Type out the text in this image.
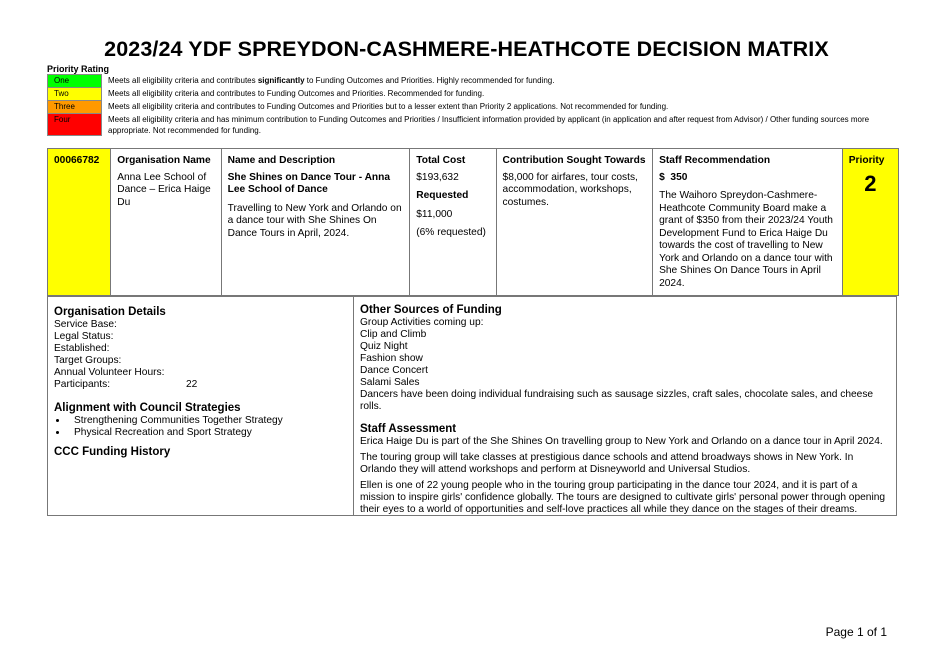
2023/24 YDF SPREYDON-CASHMERE-HEATHCOTE DECISION MATRIX
Priority Rating
One	Meets all eligibility criteria and contributes significantly to Funding Outcomes and Priorities. Highly recommended for funding.
Two	Meets all eligibility criteria and contributes to Funding Outcomes and Priorities. Recommended for funding.
Three	Meets all eligibility criteria and contributes to Funding Outcomes and Priorities but to a lesser extent than Priority 2 applications. Not recommended for funding.
Four	Meets all eligibility criteria and has minimum contribution to Funding Outcomes and Priorities / Insufficient information provided by applicant (in application and after request from Advisor) / Other funding sources more appropriate. Not recommended for funding.
00066782	Organisation Name
Anna Lee School of Dance – Erica Haige Du

Name and Description
She Shines on Dance Tour - Anna Lee School of Dance
Travelling to New York and Orlando on a dance tour with She Shines On Dance Tours in April, 2024.

Total Cost
$193,632
Requested
$11,000
(6% requested)

Contribution Sought Towards
$8,000 for airfares, tour costs, accommodation, workshops, costumes.

Staff Recommendation
$  350
The Waihoro Spreydon-Cashmere-Heathcote Community Board make a grant of $350 from their 2023/24 Youth Development Fund to Erica Haige Du towards the cost of travelling to New York and Orlando on a dance tour with She Shines On Dance Tours in April 2024.

Priority
2
Organisation Details
Service Base:
Legal Status:
Established:
Target Groups:
Annual Volunteer Hours:
Participants:	22
Alignment with Council Strategies
• Strengthening Communities Together Strategy
• Physical Recreation and Sport Strategy
CCC Funding History
Other Sources of Funding
Group Activities coming up:
Clip and Climb
Quiz Night
Fashion show
Dance Concert
Salami Sales
Dancers have been doing individual fundraising such as sausage sizzles, craft sales, chocolate sales, and cheese rolls.
Staff Assessment

Erica Haige Du is part of the She Shines On travelling group to New York and Orlando on a dance tour in April 2024.

The touring group will take classes at prestigious dance schools and attend broadways shows in New York. In Orlando they will attend workshops and perform at Disneyworld and Universal Studios.

Ellen is one of 22 young people who in the touring group participating in the dance tour 2024, and it is part of a mission to inspire girls' confidence globally. The tours are designed to cultivate girls' personal power through opening their eyes to a world of opportunities and self-love practices all while they dance on the stages of their dreams.

Page 1 of 1
